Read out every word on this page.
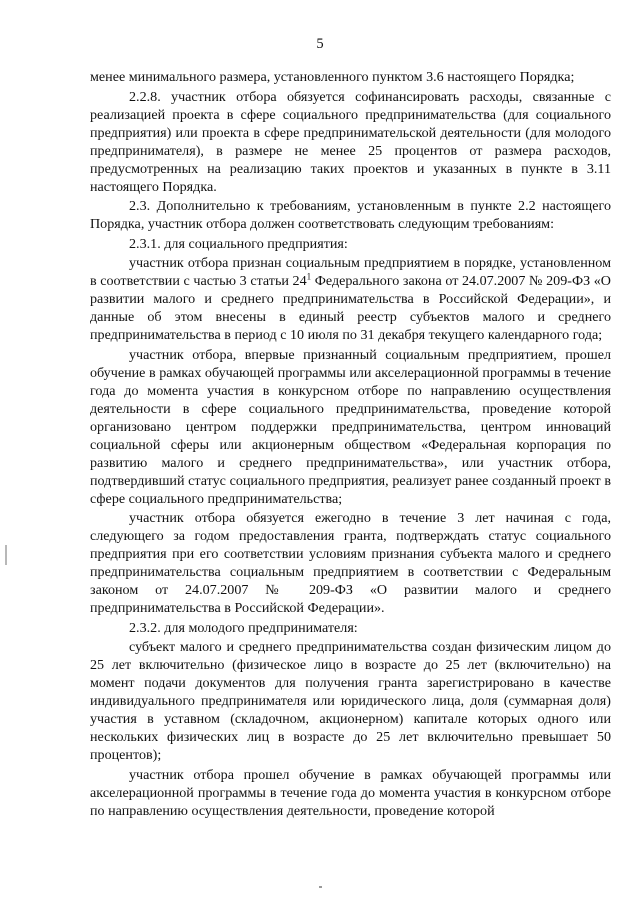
5

менее минимального размера, установленного пунктом 3.6 настоящего Порядка;

2.2.8. участник отбора обязуется софинансировать расходы, связанные с реализацией проекта в сфере социального предпринимательства (для социального предприятия) или проекта в сфере предпринимательской деятельности (для молодого предпринимателя), в размере не менее 25 процентов от размера расходов, предусмотренных на реализацию таких проектов и указанных в пункте в 3.11 настоящего Порядка.

2.3. Дополнительно к требованиям, установленным в пункте 2.2 настоящего Порядка, участник отбора должен соответствовать следующим требованиям:

2.3.1. для социального предприятия:

участник отбора признан социальным предприятием в порядке, установленном в соответствии с частью 3 статьи $24^1$ Федерального закона от 24.07.2007 № 209-ФЗ «О развитии малого и среднего предпринимательства в Российской Федерации», и данные об этом внесены в единый реестр субъектов малого и среднего предпринимательства в период с 10 июля по 31 декабря текущего календарного года;

участник отбора, впервые признанный социальным предприятием, прошел обучение в рамках обучающей программы или акселерационной программы в течение года до момента участия в конкурсном отборе по направлению осуществления деятельности в сфере социального предпринимательства, проведение которой организовано центром поддержки предпринимательства, центром инноваций социальной сферы или акционерным обществом «Федеральная корпорация по развитию малого и среднего предпринимательства», или участник отбора, подтвердивший статус социального предприятия, реализует ранее созданный проект в сфере социального предпринимательства;

участник отбора обязуется ежегодно в течение 3 лет начиная с года, следующего за годом предоставления гранта, подтверждать статус социального предприятия при его соответствии условиям признания субъекта малого и среднего предпринимательства социальным предприятием в соответствии с Федеральным законом от 24.07.2007 № 209-ФЗ «О развитии малого и среднего предпринимательства в Российской Федерации».

2.3.2. для молодого предпринимателя:

субъект малого и среднего предпринимательства создан физическим лицом до 25 лет включительно (физическое лицо в возрасте до 25 лет (включительно) на момент подачи документов для получения гранта зарегистрировано в качестве индивидуального предпринимателя или юридического лица, доля (суммарная доля) участия в уставном (складочном, акционерном) капитале которых одного или нескольких физических лиц в возрасте до 25 лет включительно превышает 50 процентов);

участник отбора прошел обучение в рамках обучающей программы или акселерационной программы в течение года до момента участия в конкурсном отборе по направлению осуществления деятельности, проведение которой
